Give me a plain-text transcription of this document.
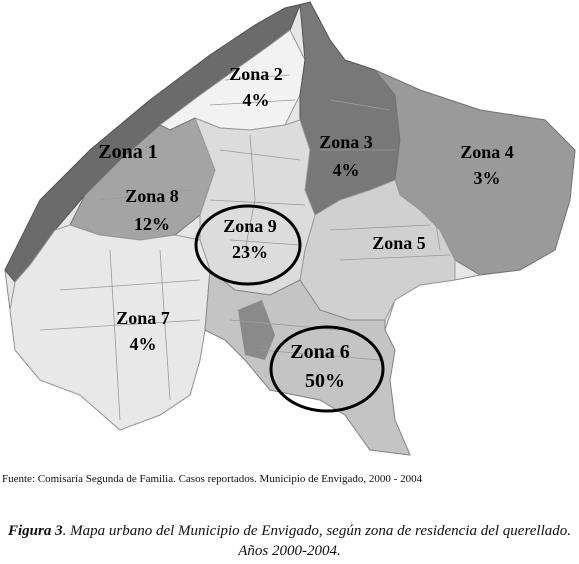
Zona 1
Zona 2
4%
Zona 3
4%
Zona 4
3%
Zona 5
Zona 6
50%
Zona 7
4%
Zona 8
12%	Zona 9
23%
Fuente: Comisaría Segunda de Familia. Casos reportados. Municipio de Envigado, 2000 - 2004
Figura 3. Mapa urbano del Municipio de Envigado, según zona de residencia del querellado. Años 2000-2004.
